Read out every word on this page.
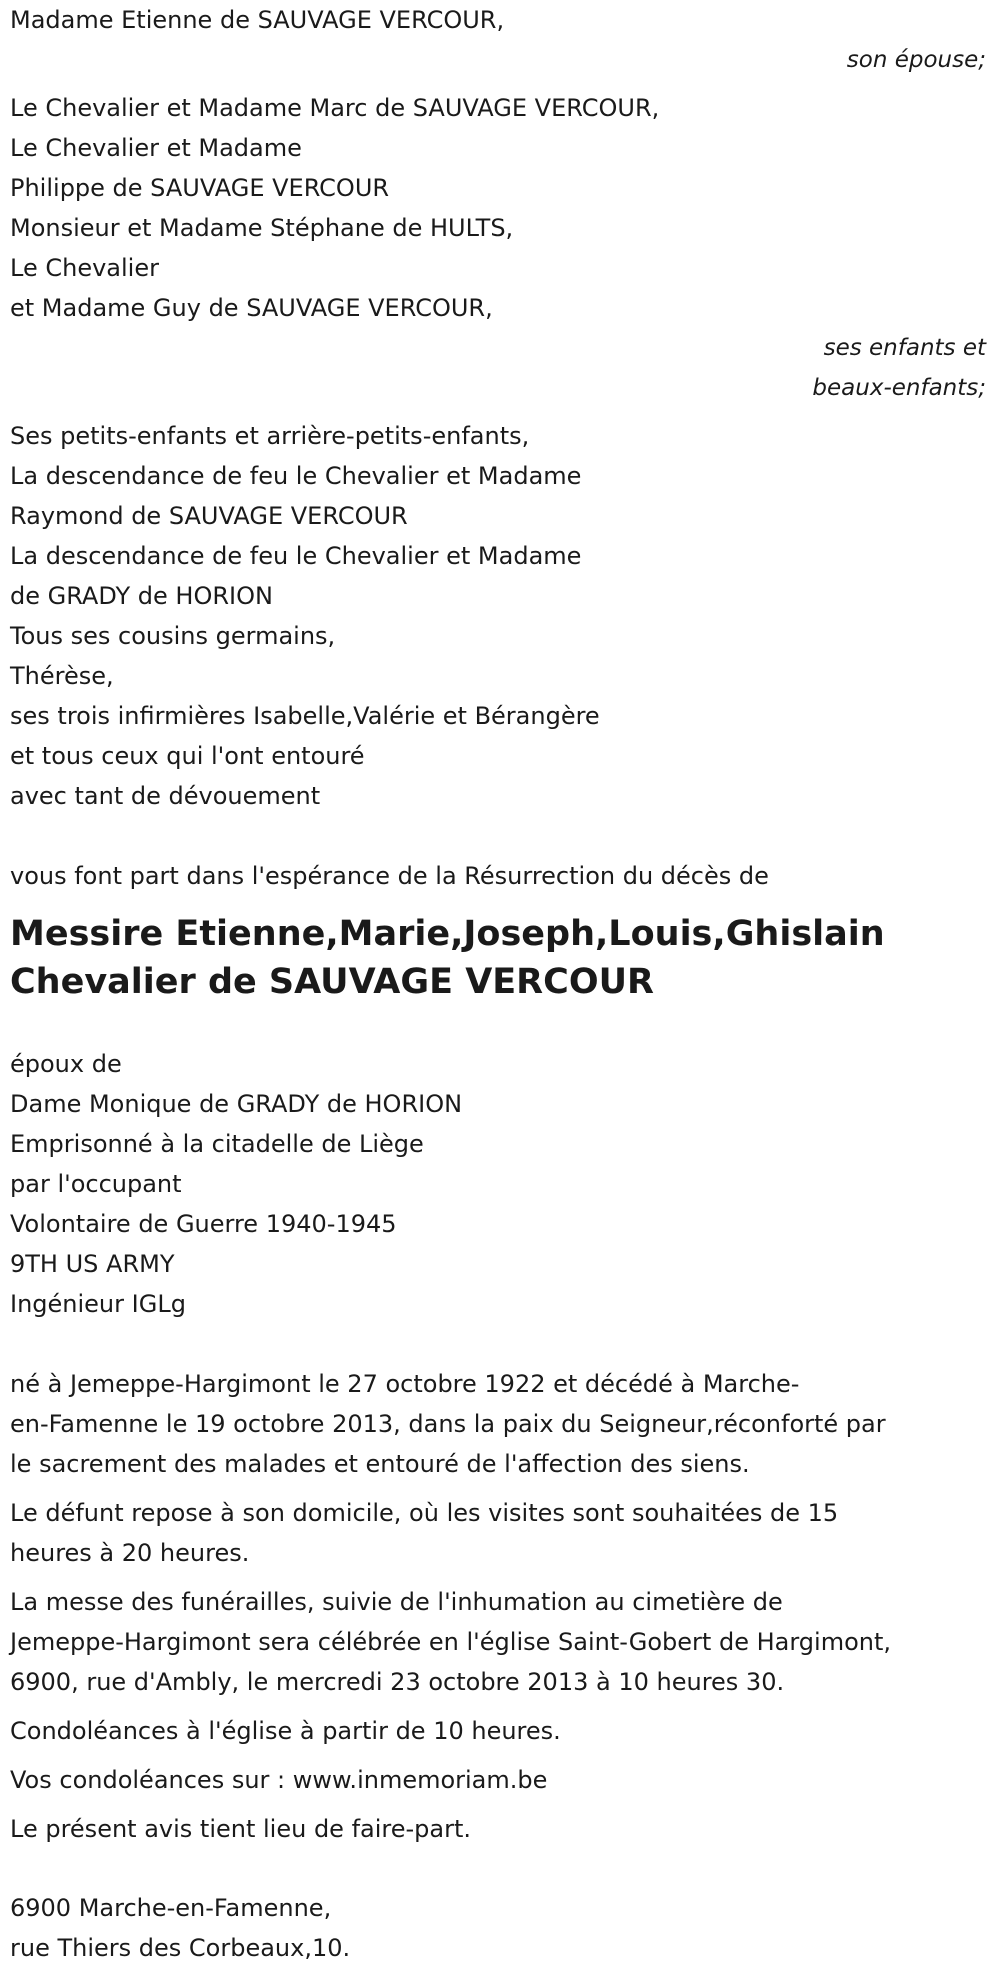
Madame Etienne de SAUVAGE VERCOUR,
son épouse;
Le Chevalier et Madame Marc de SAUVAGE VERCOUR,
Le Chevalier et Madame
Philippe de SAUVAGE VERCOUR
Monsieur et Madame Stéphane de HULTS,
Le Chevalier
et Madame Guy de SAUVAGE VERCOUR,
ses enfants et
beaux-enfants;
Ses petits-enfants et arrière-petits-enfants,
La descendance de feu le Chevalier et Madame
Raymond de SAUVAGE VERCOUR
La descendance de feu le Chevalier et Madame
de GRADY de HORION
Tous ses cousins germains,
Thérèse,
ses trois infirmières Isabelle,Valérie et Bérangère
et tous ceux qui l'ont entouré
avec tant de dévouement
vous font part dans l'espérance de la Résurrection du décès de
Messire Etienne,Marie,Joseph,Louis,Ghislain
Chevalier de SAUVAGE VERCOUR
époux de
Dame Monique de GRADY de HORION
Emprisonné à la citadelle de Liège
par l'occupant
Volontaire de Guerre 1940-1945
9TH US ARMY
Ingénieur IGLg
né à Jemeppe-Hargimont le 27 octobre 1922 et décédé à Marche-
en-Famenne le 19 octobre 2013, dans la paix du Seigneur,réconforté par
le sacrement des malades et entouré de l'affection des siens.
Le défunt repose à son domicile, où les visites sont souhaitées de 15
heures à 20 heures.
La messe des funérailles, suivie de l'inhumation au cimetière de
Jemeppe-Hargimont sera célébrée en l'église Saint-Gobert de Hargimont,
6900, rue d'Ambly, le mercredi 23 octobre 2013 à 10 heures 30.
Condoléances à l'église à partir de 10 heures.
Vos condoléances sur : www.inmemoriam.be
Le présent avis tient lieu de faire-part.
6900 Marche-en-Famenne,
rue Thiers des Corbeaux,10.
